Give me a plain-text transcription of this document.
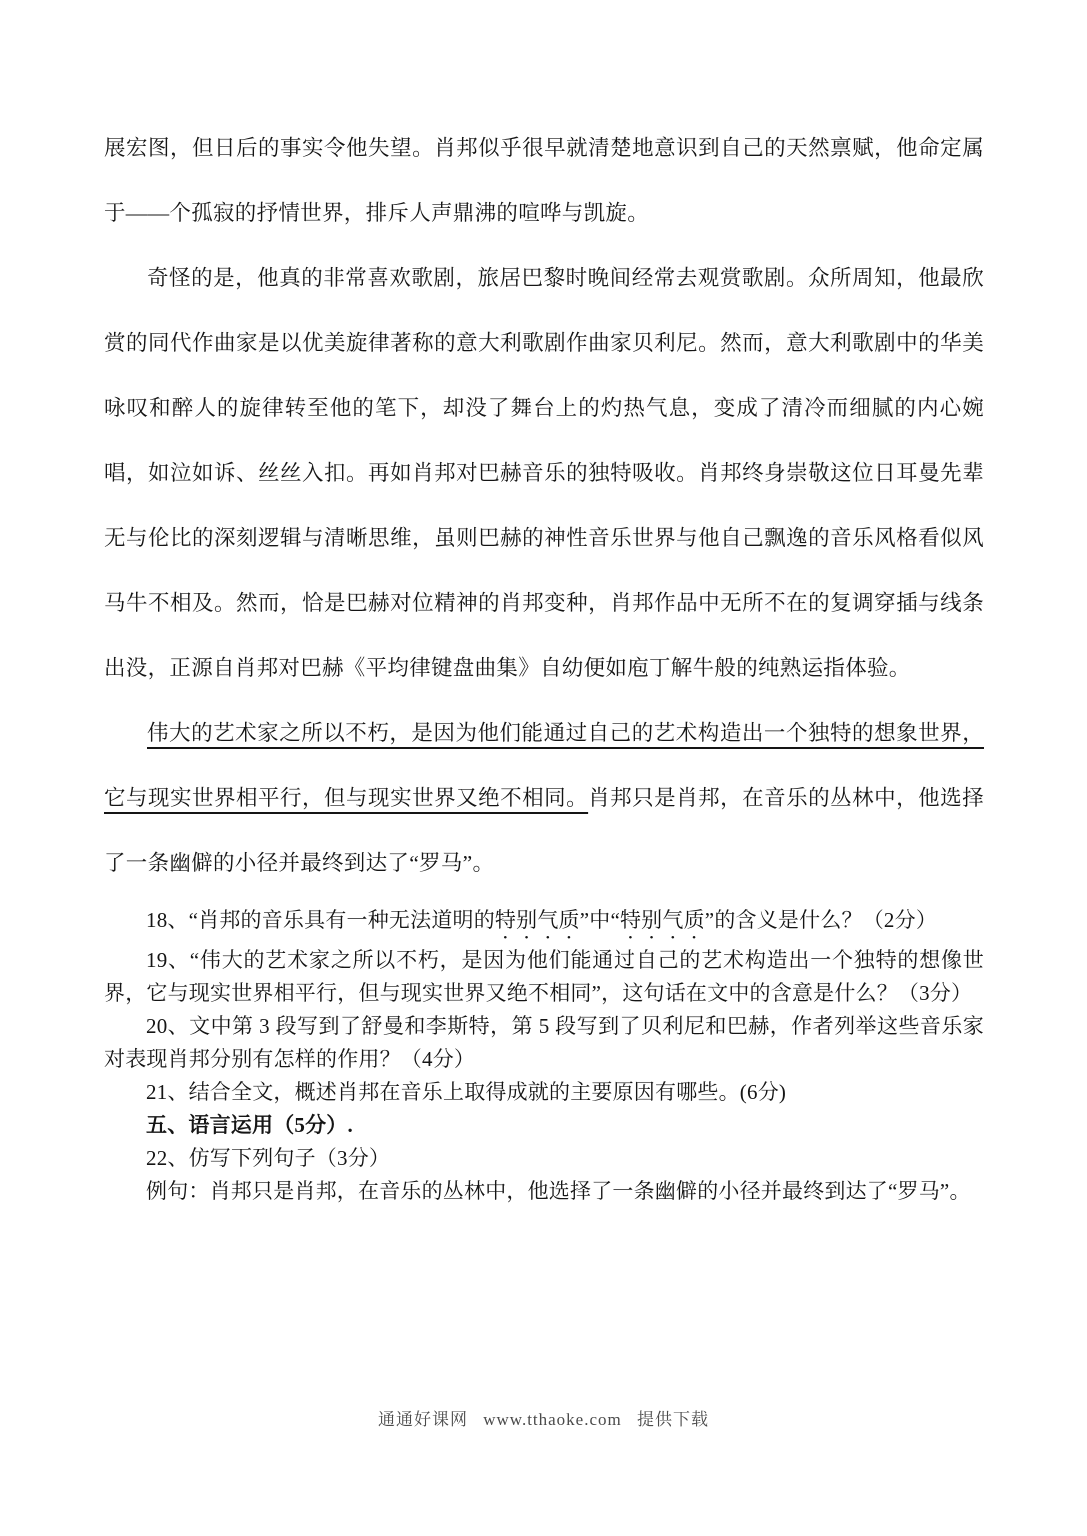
展宏图，但日后的事实令他失望。肖邦似乎很早就清楚地意识到自己的天然禀赋，他命定属于——个孤寂的抒情世界，排斥人声鼎沸的喧哗与凯旋。

奇怪的是，他真的非常喜欢歌剧，旅居巴黎时晚间经常去观赏歌剧。众所周知，他最欣赏的同代作曲家是以优美旋律著称的意大利歌剧作曲家贝利尼。然而，意大利歌剧中的华美咏叹和醉人的旋律转至他的笔下，却没了舞台上的灼热气息，变成了清冷而细腻的内心婉唱，如泣如诉、丝丝入扣。再如肖邦对巴赫音乐的独特吸收。肖邦终身崇敬这位日耳曼先辈无与伦比的深刻逻辑与清晰思维，虽则巴赫的神性音乐世界与他自己飘逸的音乐风格看似风马牛不相及。然而，恰是巴赫对位精神的肖邦变种，肖邦作品中无所不在的复调穿插与线条出没，正源自肖邦对巴赫《平均律键盘曲集》自幼便如庖丁解牛般的纯熟运指体验。

伟大的艺术家之所以不朽，是因为他们能通过自己的艺术构造出一个独特的想象世界，它与现实世界相平行，但与现实世界又绝不相同。肖邦只是肖邦，在音乐的丛林中，他选择了一条幽僻的小径并最终到达了“罗马”。

18、“肖邦的音乐具有一种无法道明的特别气质”中“特别气质”的含义是什么？（2分）

19、“伟大的艺术家之所以不朽，是因为他们能通过自己的艺术构造出一个独特的想像世界，它与现实世界相平行，但与现实世界又绝不相同”，这句话在文中的含意是什么？（3分）

20、文中第 3 段写到了舒曼和李斯特，第 5 段写到了贝利尼和巴赫，作者列举这些音乐家对表现肖邦分别有怎样的作用？（4分）

21、结合全文，概述肖邦在音乐上取得成就的主要原因有哪些。(6分)

五、语言运用（5分）.

22、仿写下列句子（3分）

例句：肖邦只是肖邦，在音乐的丛林中，他选择了一条幽僻的小径并最终到达了“罗马”。

通通好课网 www.tthaoke.com 提供下载
